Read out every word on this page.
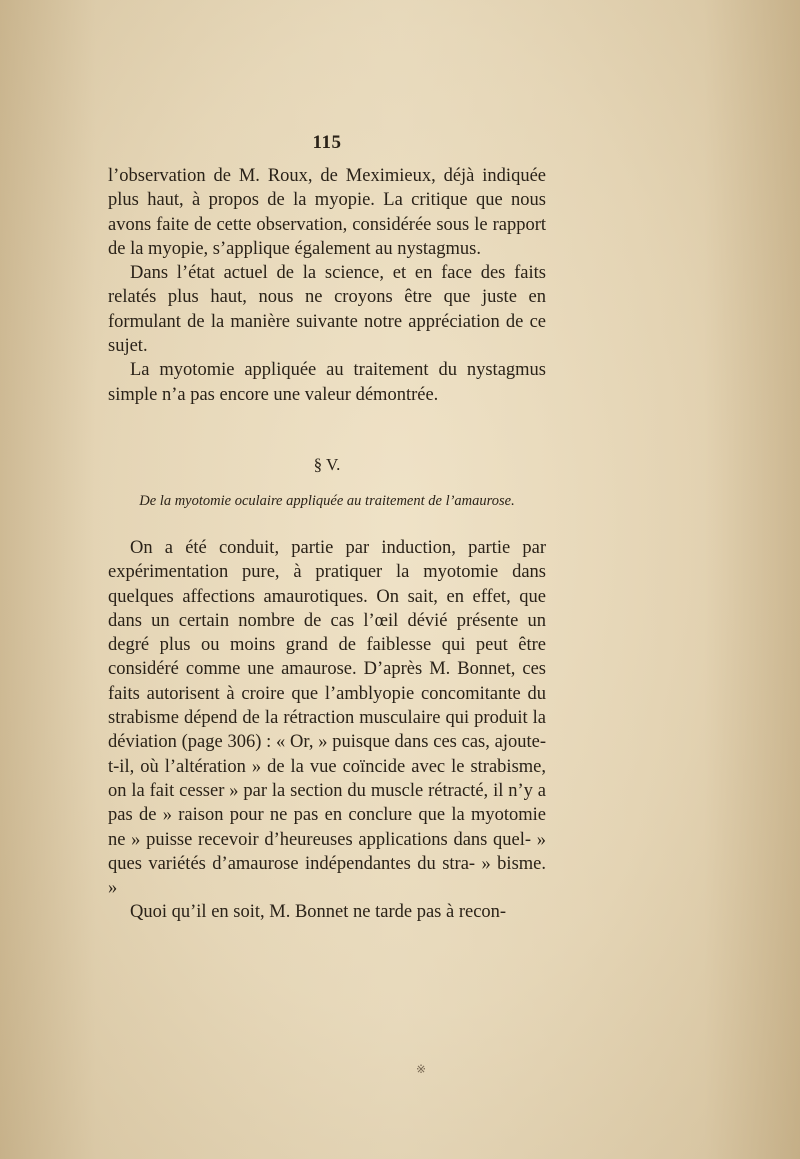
115

l’observation de M. Roux, de Meximieux, déjà indiquée plus haut, à propos de la myopie. La critique que nous avons faite de cette observation, considérée sous le rapport de la myopie, s’applique également au nystagmus.

Dans l’état actuel de la science, et en face des faits relatés plus haut, nous ne croyons être que juste en formulant de la manière suivante notre appréciation de ce sujet.

La myotomie appliquée au traitement du nystagmus simple n’a pas encore une valeur démontrée.

§ V.
De la myotomie oculaire appliquée au traitement de l’amaurose.

On a été conduit, partie par induction, partie par expérimentation pure, à pratiquer la myotomie dans quelques affections amaurotiques. On sait, en effet, que dans un certain nombre de cas l’œil dévié présente un degré plus ou moins grand de faiblesse qui peut être considéré comme une amaurose. D’après M. Bonnet, ces faits autorisent à croire que l’amblyopie concomitante du strabisme dépend de la rétraction musculaire qui produit la déviation (page 306) : « Or, » puisque dans ces cas, ajoute-t-il, où l’altération » de la vue coïncide avec le strabisme, on la fait cesser » par la section du muscle rétracté, il n’y a pas de » raison pour ne pas en conclure que la myotomie ne » puisse recevoir d’heureuses applications dans quel- » ques variétés d’amaurose indépendantes du stra- » bisme. »

Quoi qu’il en soit, M. Bonnet ne tarde pas à recon-

※
